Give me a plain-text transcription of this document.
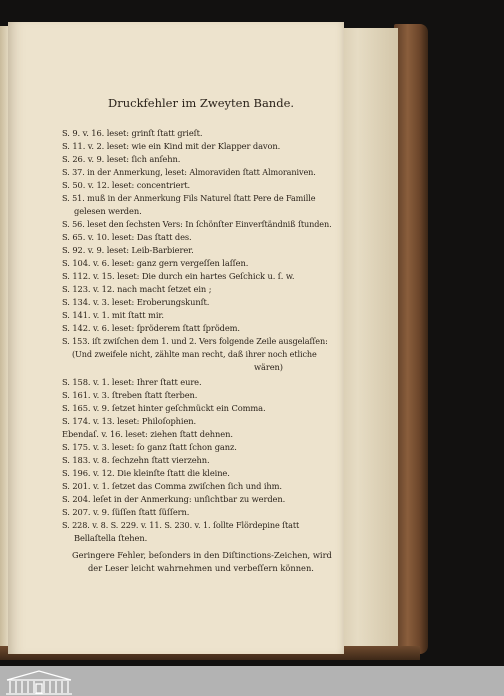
Druckfehler im Zweyten Bande.
S. 9. v. 16. leset: grinſt ſtatt grieſt.
S. 11. v. 2. leset: wie ein Kind mit der Klapper davon.
S. 26. v. 9. leset: ſich anſehn.
S. 37. in der Anmerkung, leset: Almoraviden ſtatt Almoraniven.
S. 50. v. 12. leset: concentriert.
S. 51. muß in der Anmerkung Fils Naturel ſtatt Pere de Famille
gelesen werden.
S. 56. leset den ſechsten Vers: In ſchönſter Einverſtändniß ſtunden.
S. 65. v. 10. leset: Das ſtatt des.
S. 92. v. 9. leset: Leib-Barbierer.
S. 104. v. 6. leset: ganz gern vergeſſen laſſen.
S. 112. v. 15. leset: Die durch ein hartes Geſchick u. ſ. w.
S. 123. v. 12. nach macht ſetzet ein ;
S. 134. v. 3. leset: Eroberungskunſt.
S. 141. v. 1. mit ſtatt mir.
S. 142. v. 6. leset: ſpröderem ſtatt ſprödem.
S. 153. iſt zwiſchen dem 1. und 2. Vers folgende Zeile ausgelaſſen:
(Und zweifele nicht, zählte man recht, daß ihrer noch etliche
wären)
S. 158. v. 1. leset: Ihrer ſtatt eure.
S. 161. v. 3. ſtreben ſtatt ſterben.
S. 165. v. 9. ſetzet hinter geſchmückt ein Comma.
S. 174. v. 13. leset: Philoſophien.
Ebendaſ. v. 16. leset: ziehen ſtatt dehnen.
S. 175. v. 3. leset: ſo ganz ſtatt ſchon ganz.
S. 183. v. 8. ſechzehn ſtatt vierzehn.
S. 196. v. 12. Die kleinſte ſtatt die kleine.
S. 201. v. 1. ſetzet das Comma zwiſchen ſich und ihm.
S. 204. leſet in der Anmerkung: unſichtbar zu werden.
S. 207. v. 9. ſüſſen ſtatt ſüſſern.
S. 228. v. 8. S. 229. v. 11. S. 230. v. 1. ſollte Flördepine ſtatt
Bellaſtella ſtehen.
Geringere Fehler, beſonders in den Diſtinctions-Zeichen, wird
der Leser leicht wahrnehmen und verbeſſern können.
